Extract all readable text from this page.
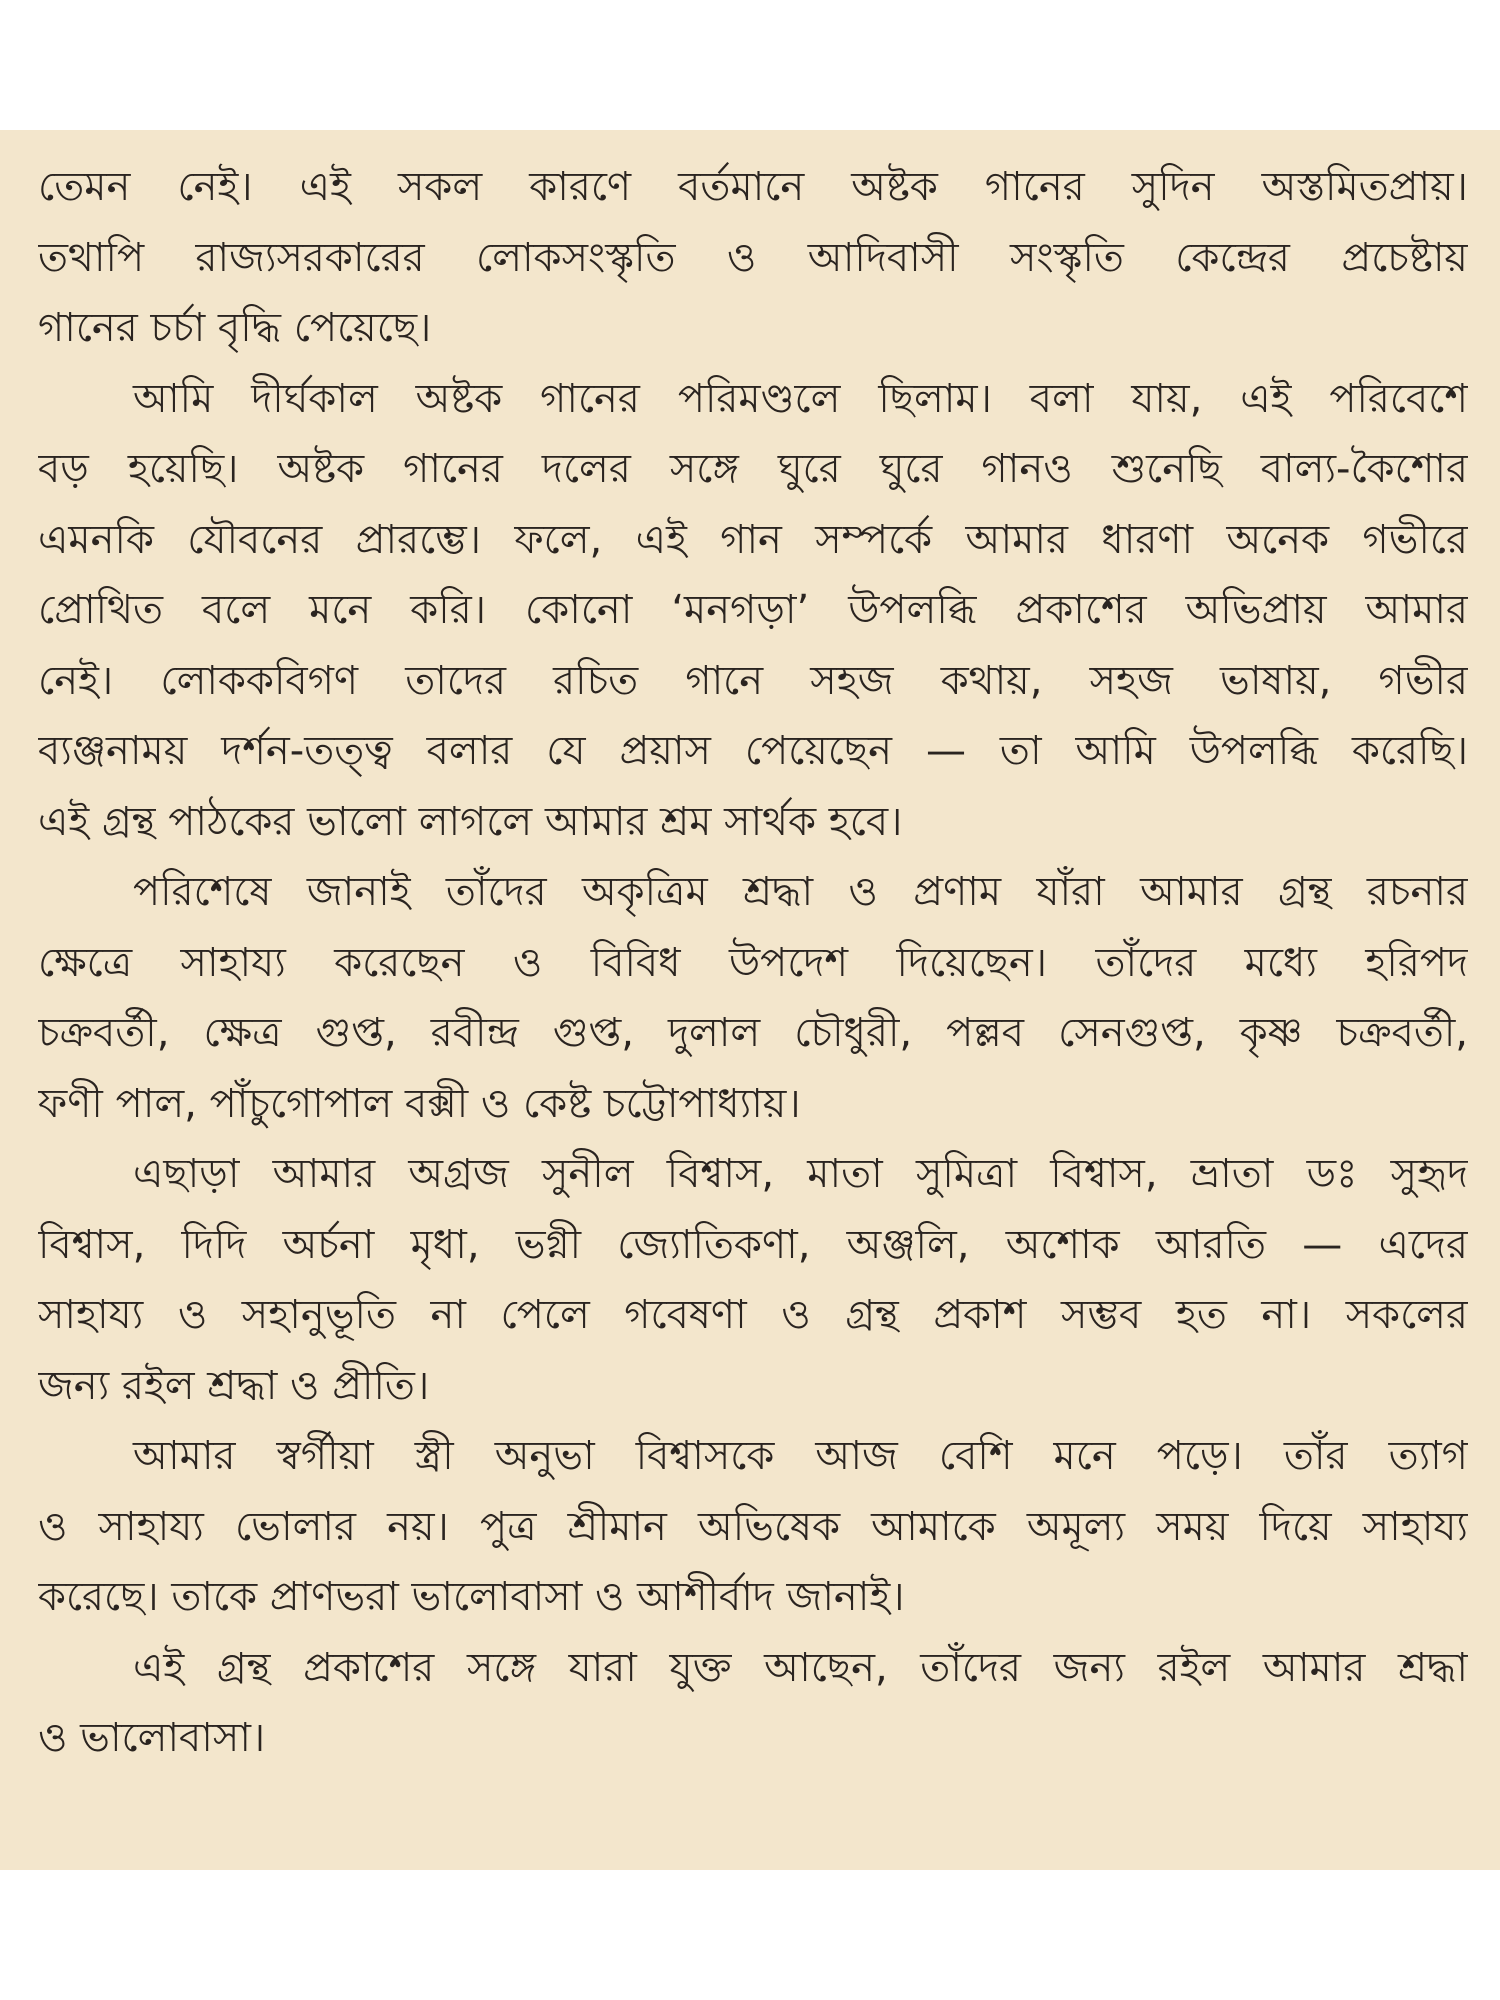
তেমন নেই। এই সকল কারণে বর্তমানে অষ্টক গানের সুদিন অস্তমিতপ্রায়।
তথাপি রাজ্যসরকারের লোকসংস্কৃতি ও আদিবাসী সংস্কৃতি কেন্দ্রের প্রচেষ্টায়
গানের চর্চা বৃদ্ধি পেয়েছে।
আমি দীর্ঘকাল অষ্টক গানের পরিমণ্ডলে ছিলাম। বলা যায়, এই পরিবেশে
বড় হয়েছি। অষ্টক গানের দলের সঙ্গে ঘুরে ঘুরে গানও শুনেছি বাল্য-কৈশোর
এমনকি যৌবনের প্রারম্ভে। ফলে, এই গান সম্পর্কে আমার ধারণা অনেক গভীরে
প্রোথিত বলে মনে করি। কোনো ‘মনগড়া’ উপলব্ধি প্রকাশের অভিপ্রায় আমার
নেই। লোককবিগণ তাদের রচিত গানে সহজ কথায়, সহজ ভাষায়, গভীর
ব্যঞ্জনাময় দর্শন-তত্ত্ব বলার যে প্রয়াস পেয়েছেন — তা আমি উপলব্ধি করেছি।
এই গ্রন্থ পাঠকের ভালো লাগলে আমার শ্রম সার্থক হবে।
পরিশেষে জানাই তাঁদের অকৃত্রিম শ্রদ্ধা ও প্রণাম যাঁরা আমার গ্রন্থ রচনার
ক্ষেত্রে সাহায্য করেছেন ও বিবিধ উপদেশ দিয়েছেন। তাঁদের মধ্যে হরিপদ
চক্রবর্তী, ক্ষেত্র গুপ্ত, রবীন্দ্র গুপ্ত, দুলাল চৌধুরী, পল্লব সেনগুপ্ত, কৃষ্ণ চক্রবর্তী,
ফণী পাল, পাঁচুগোপাল বক্সী ও কেষ্ট চট্টোপাধ্যায়।
এছাড়া আমার অগ্রজ সুনীল বিশ্বাস, মাতা সুমিত্রা বিশ্বাস, ভ্রাতা ডঃ সুহৃদ
বিশ্বাস, দিদি অর্চনা মৃধা, ভগ্নী জ্যোতিকণা, অঞ্জলি, অশোক আরতি — এদের
সাহায্য ও সহানুভূতি না পেলে গবেষণা ও গ্রন্থ প্রকাশ সম্ভব হত না। সকলের
জন্য রইল শ্রদ্ধা ও প্রীতি।
আমার স্বর্গীয়া স্ত্রী অনুভা বিশ্বাসকে আজ বেশি মনে পড়ে। তাঁর ত্যাগ
ও সাহায্য ভোলার নয়। পুত্র শ্রীমান অভিষেক আমাকে অমূল্য সময় দিয়ে সাহায্য
করেছে। তাকে প্রাণভরা ভালোবাসা ও আশীর্বাদ জানাই।
এই গ্রন্থ প্রকাশের সঙ্গে যারা যুক্ত আছেন, তাঁদের জন্য রইল আমার শ্রদ্ধা
ও ভালোবাসা।
